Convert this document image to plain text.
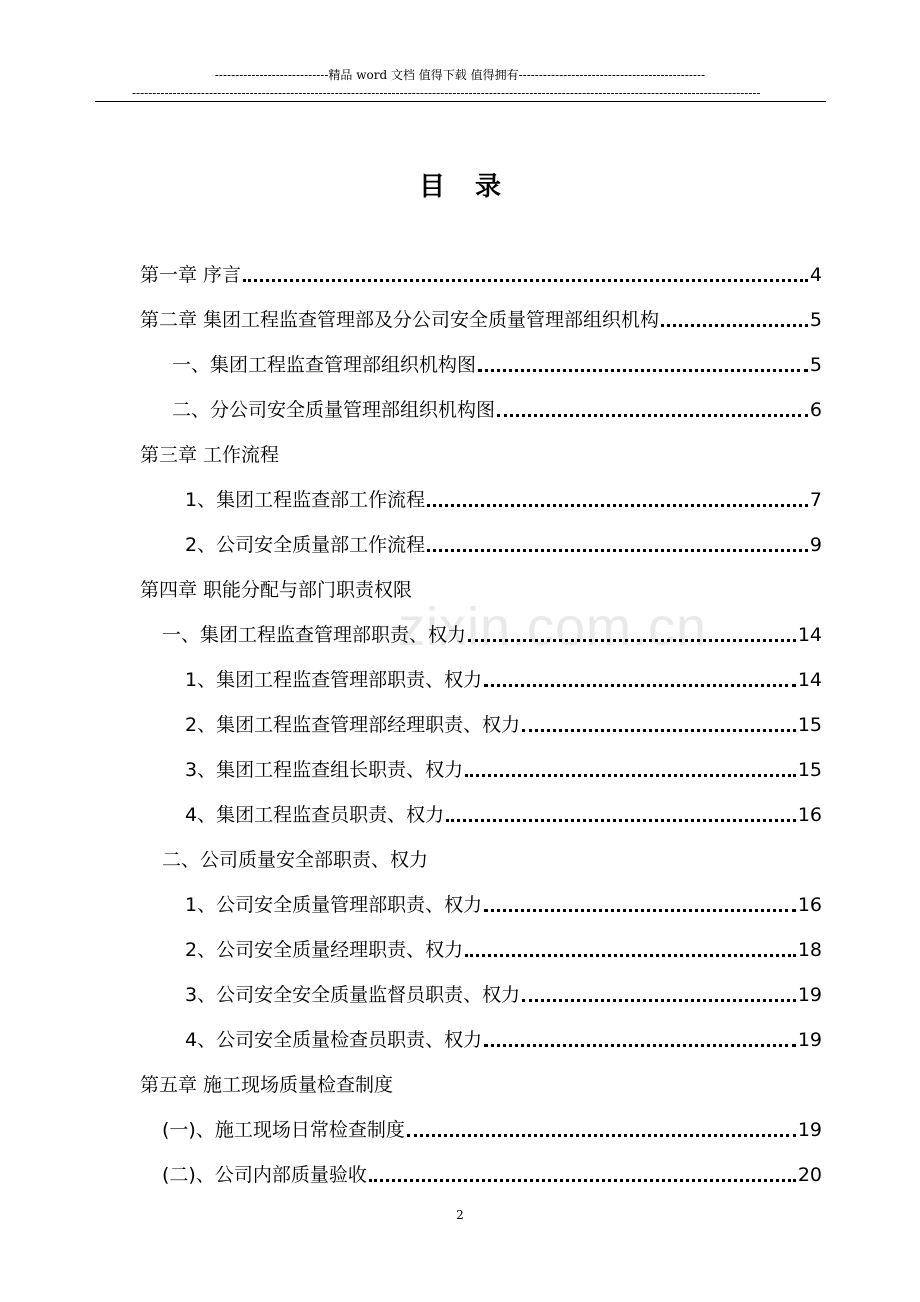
----------------------------精品 word 文档 值得下载 值得拥有----------------------------------------------
-----------------------------------------------------------------------------------------------------------------------------------------------------------
目录
zixin.com.cn
第一章 序言	4
第二章 集团工程监查管理部及分公司安全质量管理部组织机构	5
一、集团工程监查管理部组织机构图	5
二、分公司安全质量管理部组织机构图	6
第三章 工作流程
1、集团工程监查部工作流程	7
2、公司安全质量部工作流程	9
第四章 职能分配与部门职责权限
一、集团工程监查管理部职责、权力	14
1、集团工程监查管理部职责、权力	14
2、集团工程监查管理部经理职责、权力	15
3、集团工程监查组长职责、权力	15
4、集团工程监查员职责、权力	16
二、公司质量安全部职责、权力
1、公司安全质量管理部职责、权力	16
2、公司安全质量经理职责、权力	18
3、公司安全安全质量监督员职责、权力	19
4、公司安全质量检查员职责、权力	19
第五章 施工现场质量检查制度
(一)、施工现场日常检查制度	19
(二)、公司内部质量验收	20
2
